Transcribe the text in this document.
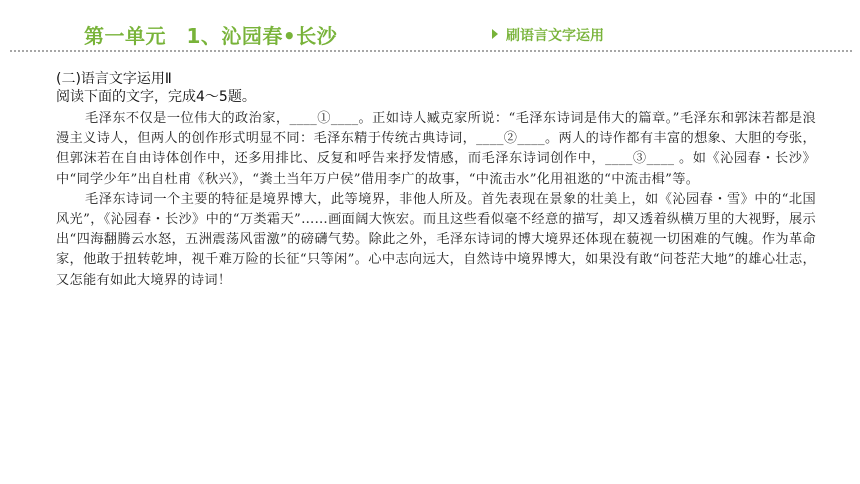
第一单元　1、沁园春•长沙	刷语言文字运用
(二)语言文字运用Ⅱ
阅读下面的文字，完成4～5题。

毛泽东不仅是一位伟大的政治家，____①____。正如诗人臧克家所说：“毛泽东诗词是伟大的篇章。”毛泽东和郭沫若都是浪漫主义诗人，但两人的创作形式明显不同：毛泽东精于传统古典诗词，____②____。两人的诗作都有丰富的想象、大胆的夸张，但郭沫若在自由诗体创作中，还多用排比、反复和呼告来抒发情感，而毛泽东诗词创作中，____③____ 。如《沁园春・长沙》中“同学少年”出自杜甫《秋兴》，“粪土当年万户侯”借用李广的故事，“中流击水”化用祖逖的“中流击楫”等。

毛泽东诗词一个主要的特征是境界博大，此等境界，非他人所及。首先表现在景象的壮美上，如《沁园春・雪》中的“北国风光”，《沁园春・长沙》中的“万类霜天”……画面阔大恢宏。而且这些看似毫不经意的描写，却又透着纵横万里的大视野，展示出“四海翻腾云水怒，五洲震荡风雷激”的磅礴气势。除此之外，毛泽东诗词的博大境界还体现在藐视一切困难的气魄。作为革命家，他敢于扭转乾坤，视千难万险的长征“只等闲”。心中志向远大，自然诗中境界博大，如果没有敢“问苍茫大地”的雄心壮志，又怎能有如此大境界的诗词！
